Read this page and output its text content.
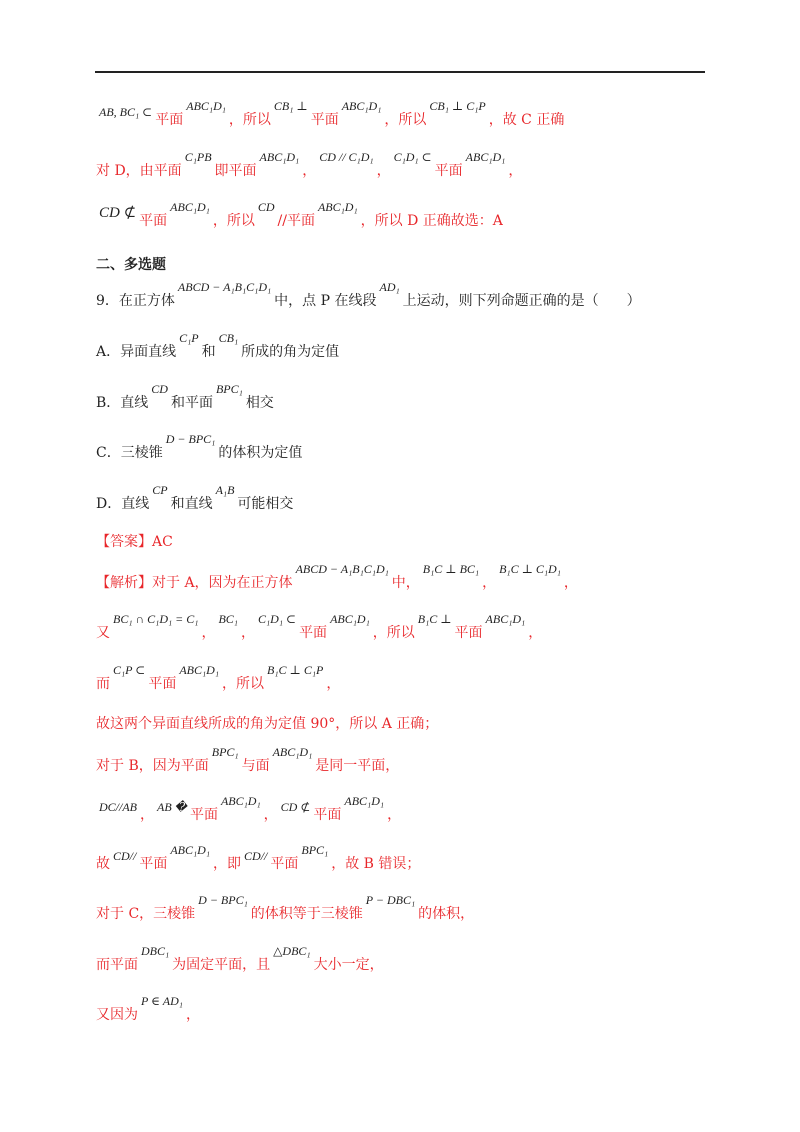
AB, BC₁ ⊂ 平面ABC₁D₁，所以CB₁ ⊥平面ABC₁D₁，所以CB₁ ⊥ C₁P，故 C 正确
对 D，由平面C₁PB即平面ABC₁D₁，CD // C₁D₁，C₁D₁ ⊂平面ABC₁D₁，
CD ⊄ 平面ABC₁D₁，所以CD//平面ABC₁D₁，所以 D 正确故选：A
二、多选题
9．在正方体ABCD − A₁B₁C₁D₁中，点 P 在线段AD₁上运动，则下列命题正确的是（　　）
A．异面直线C₁P和CB₁所成的角为定值
B．直线CD和平面BPC₁相交
C．三棱锥D − BPC₁的体积为定值
D．直线CP和直线A₁B可能相交
【答案】AC
【解析】对于 A，因为在正方体ABCD − A₁B₁C₁D₁中，B₁C ⊥ BC₁，B₁C ⊥ C₁D₁，
又BC₁ ∩ C₁D₁ = C₁，BC₁，C₁D₁ ⊂平面ABC₁D₁，所以B₁C ⊥平面ABC₁D₁，
而C₁P ⊂平面ABC₁D₁，所以B₁C ⊥ C₁P，
故这两个异面直线所成的角为定值 90°，所以 A 正确；
对于 B，因为平面BPC₁与面ABC₁D₁是同一平面，
DC//AB ， AB � 平面ABC₁D₁， CD ⊄ 平面ABC₁D₁，
故 CD// 平面ABC₁D₁，即 CD// 平面BPC₁，故 B 错误；
对于 C，三棱锥D − BPC₁的体积等于三棱锥P − DBC₁的体积，
而平面DBC₁为固定平面，且△DBC₁大小一定，
又因为P ∈ AD₁，
